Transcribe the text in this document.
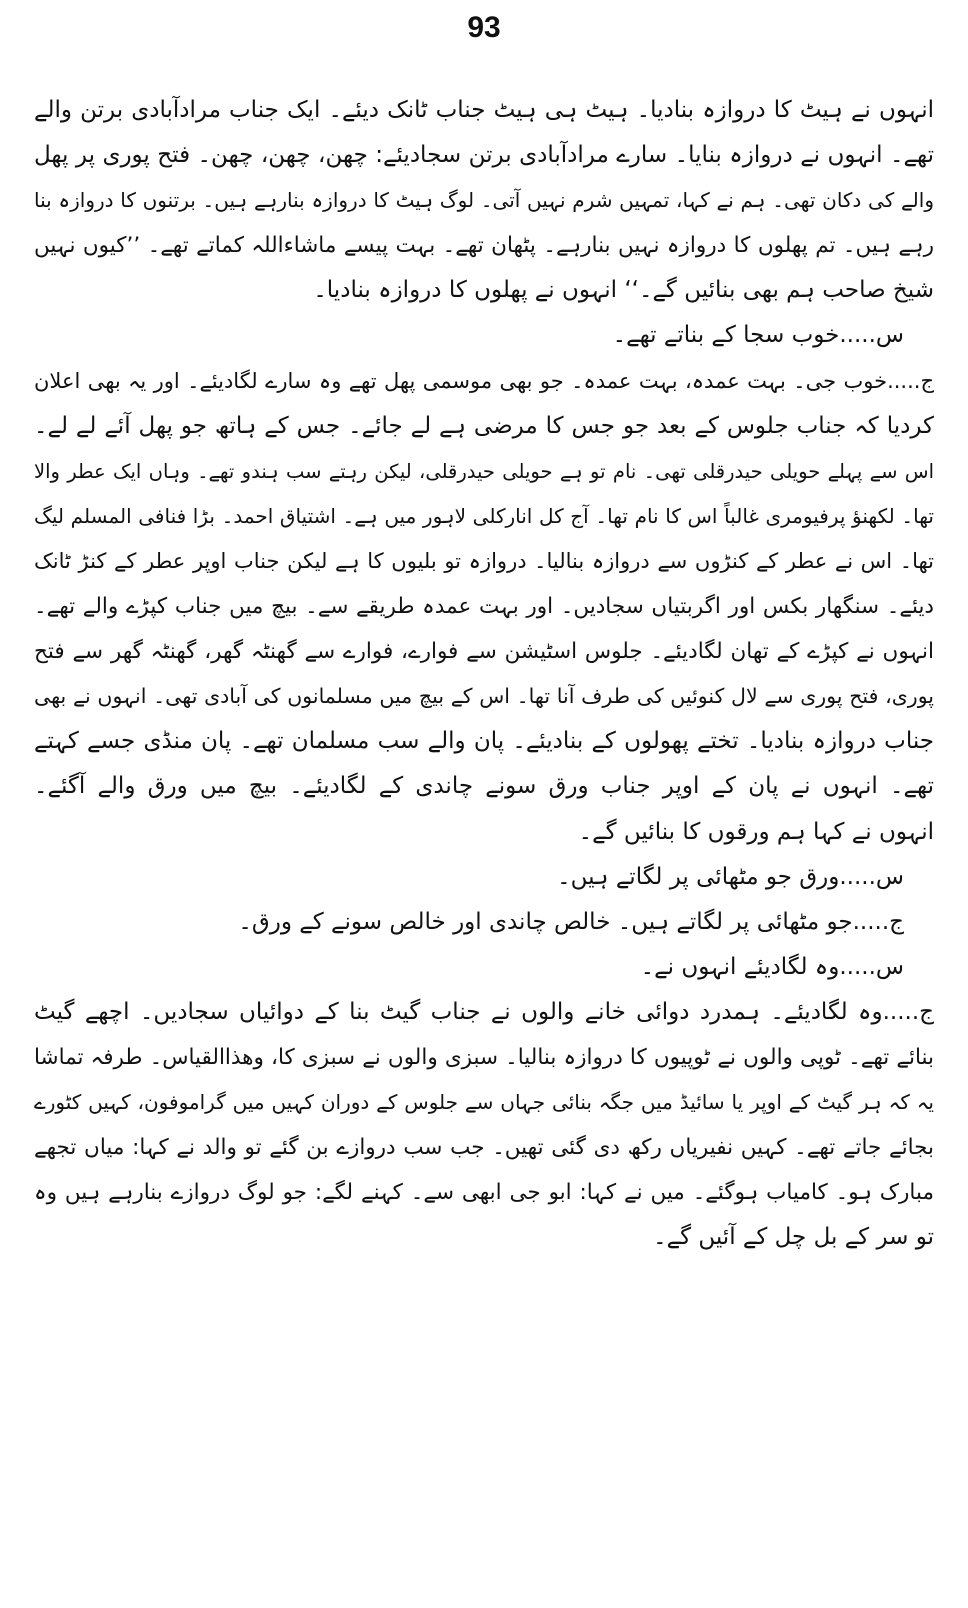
93
انہوں نے ہیٹ کا دروازہ بنادیا۔ ہیٹ ہی ہیٹ جناب ٹانک دیئے۔ ایک جناب مرادآبادی برتن والے
تھے۔ انہوں نے دروازہ بنایا۔ سارے مرادآبادی برتن سجادیئے: چھن، چھن، چھن۔ فتح پوری پر پھل
والے کی دکان تھی۔ ہم نے کہا، تمہیں شرم نہیں آتی۔ لوگ ہیٹ کا دروازہ بنارہے ہیں۔ برتنوں کا دروازہ بنا
رہے ہیں۔ تم پھلوں کا دروازہ نہیں بنارہے۔ پٹھان تھے۔ بہت پیسے ماشاءاللہ کماتے تھے۔ ’’کیوں نہیں
شیخ صاحب ہم بھی بنائیں گے۔‘‘ انہوں نے پھلوں کا دروازہ بنادیا۔
س.....خوب سجا کے بناتے تھے۔
ج.....خوب جی۔ بہت عمدہ، بہت عمدہ۔ جو بھی موسمی پھل تھے وہ سارے لگادیئے۔ اور یہ بھی اعلان
کردیا کہ جناب جلوس کے بعد جو جس کا مرضی ہے لے جائے۔ جس کے ہاتھ جو پھل آئے لے لے۔
اس سے پہلے حویلی حیدرقلی تھی۔ نام تو ہے حویلی حیدرقلی، لیکن رہتے سب ہندو تھے۔ وہاں ایک عطر والا
تھا۔ لکھنؤ پرفیومری غالباً اس کا نام تھا۔ آج کل انارکلی لاہور میں ہے۔ اشتیاق احمد۔ بڑا فنافی المسلم لیگ
تھا۔ اس نے عطر کے کنڑوں سے دروازہ بنالیا۔ دروازہ تو بلیوں کا ہے لیکن جناب اوپر عطر کے کنڑ ٹانک
دیئے۔ سنگھار بکس اور اگربتیاں سجادیں۔ اور بہت عمدہ طریقے سے۔ بیچ میں جناب کپڑے والے تھے۔
انہوں نے کپڑے کے تھان لگادیئے۔ جلوس اسٹیشن سے فوارے، فوارے سے گھنٹہ گھر، گھنٹہ گھر سے فتح
پوری، فتح پوری سے لال کنوئیں کی طرف آنا تھا۔ اس کے بیچ میں مسلمانوں کی آبادی تھی۔ انہوں نے بھی
جناب دروازہ بنادیا۔ تختے پھولوں کے بنادیئے۔ پان والے سب مسلمان تھے۔ پان منڈی جسے کہتے
تھے۔ انہوں نے پان کے اوپر جناب ورق سونے چاندی کے لگادیئے۔ بیچ میں ورق والے آگئے۔
انہوں نے کہا ہم ورقوں کا بنائیں گے۔
س.....ورق جو مٹھائی پر لگاتے ہیں۔
ج.....جو مٹھائی پر لگاتے ہیں۔ خالص چاندی اور خالص سونے کے ورق۔
س.....وہ لگادیئے انہوں نے۔
ج.....وہ لگادیئے۔ ہمدرد دوائی خانے والوں نے جناب گیٹ بنا کے دوائیاں سجادیں۔ اچھے گیٹ
بنائے تھے۔ ٹوپی والوں نے ٹوپیوں کا دروازہ بنالیا۔ سبزی والوں نے سبزی کا، وھذاالقیاس۔ طرفہ تماشا
یہ کہ ہر گیٹ کے اوپر یا سائیڈ میں جگہ بنائی جہاں سے جلوس کے دوران کہیں میں گراموفون، کہیں کٹورے
بجائے جاتے تھے۔ کہیں نفیریاں رکھ دی گئی تھیں۔ جب سب دروازے بن گئے تو والد نے کہا: میاں تجھے
مبارک ہو۔ کامیاب ہوگئے۔ میں نے کہا: ابو جی ابھی سے۔ کہنے لگے: جو لوگ دروازے بنارہے ہیں وہ
تو سر کے بل چل کے آئیں گے۔
